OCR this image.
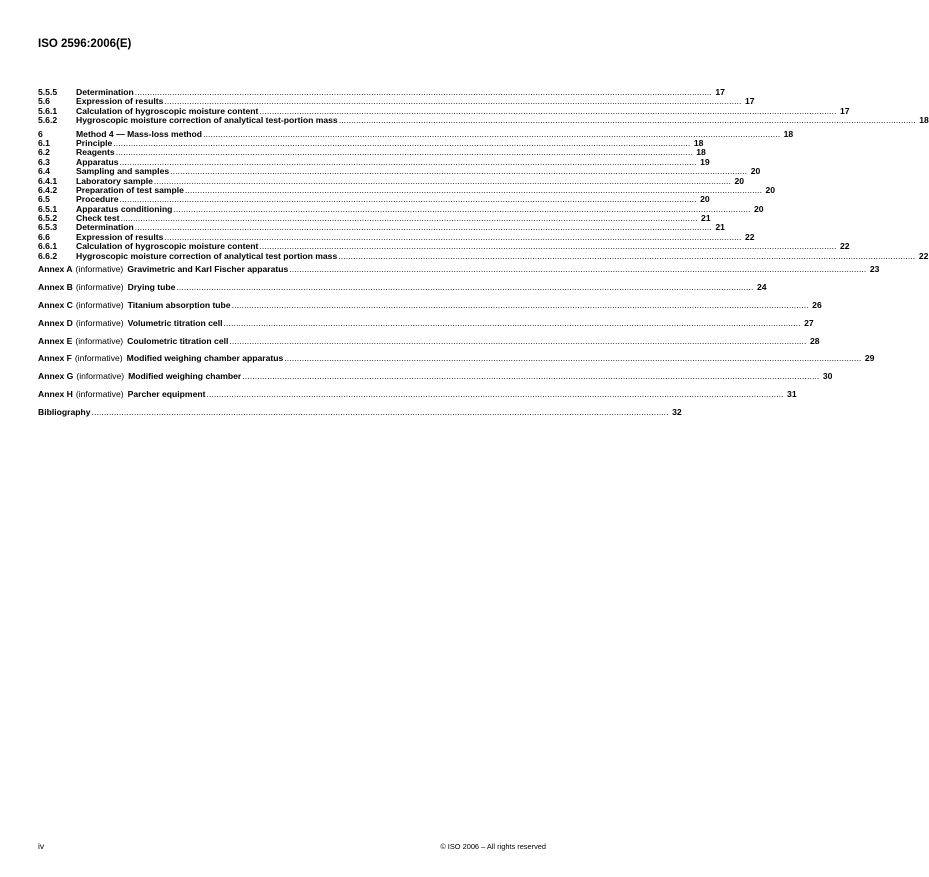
ISO 2596:2006(E)
5.5.5	Determination .....	17
5.6	Expression of results .....	17
5.6.1	Calculation of hygroscopic moisture content .....	17
5.6.2	Hygroscopic moisture correction of analytical test-portion mass .....	18
6	Method 4 — Mass-loss method .....	18
6.1	Principle .....	18
6.2	Reagents .....	18
6.3	Apparatus .....	19
6.4	Sampling and samples .....	20
6.4.1	Laboratory sample .....	20
6.4.2	Preparation of test sample .....	20
6.5	Procedure .....	20
6.5.1	Apparatus conditioning .....	20
6.5.2	Check test .....	21
6.5.3	Determination .....	21
6.6	Expression of results .....	22
6.6.1	Calculation of hygroscopic moisture content .....	22
6.6.2	Hygroscopic moisture correction of analytical test portion mass .....	22
Annex A (informative) Gravimetric and Karl Fischer apparatus .....	23
Annex B (informative) Drying tube .....	24
Annex C (informative) Titanium absorption tube .....	26
Annex D (informative) Volumetric titration cell .....	27
Annex E (informative) Coulometric titration cell .....	28
Annex F (informative) Modified weighing chamber apparatus .....	29
Annex G (informative) Modified weighing chamber .....	30
Annex H (informative) Parcher equipment .....	31
Bibliography .....	32
iv	© ISO 2006 – All rights reserved
